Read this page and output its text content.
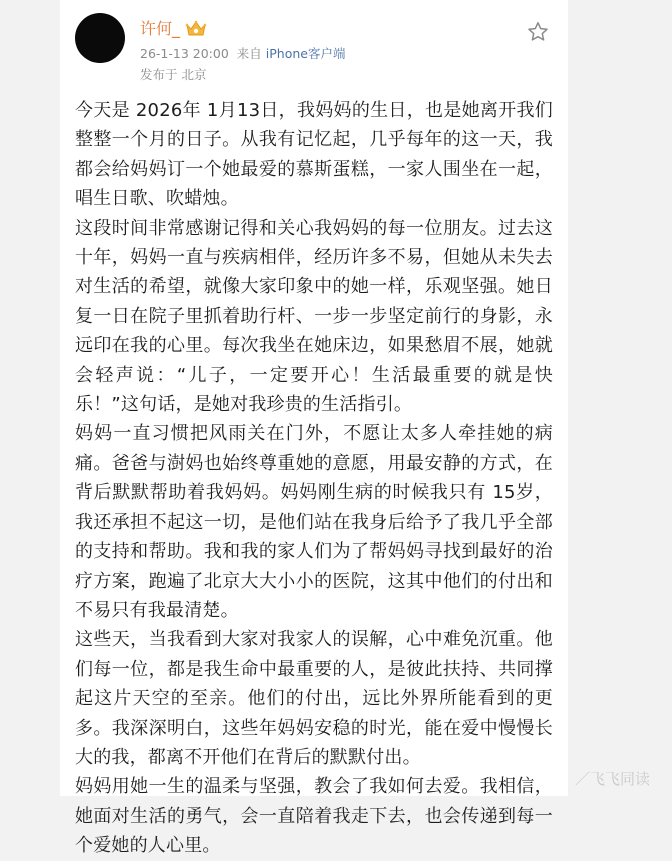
许何_
26-1-13 20:00 来自 iPhone客户端
发布于 北京

今天是 2026年 1月13日，我妈妈的生日，也是她离开我们整整一个月的日子。从我有记忆起，几乎每年的这一天，我都会给妈妈订一个她最爱的慕斯蛋糕，一家人围坐在一起，唱生日歌、吹蜡烛。

这段时间非常感谢记得和关心我妈妈的每一位朋友。过去这十年，妈妈一直与疾病相伴，经历许多不易，但她从未失去对生活的希望，就像大家印象中的她一样，乐观坚强。她日复一日在院子里抓着助行杆、一步一步坚定前行的身影，永远印在我的心里。每次我坐在她床边，如果愁眉不展，她就会轻声说：“儿子，一定要开心！生活最重要的就是快乐！”这句话，是她对我珍贵的生活指引。

妈妈一直习惯把风雨关在门外，不愿让太多人牵挂她的病痛。爸爸与澍妈也始终尊重她的意愿，用最安静的方式，在背后默默帮助着我妈妈。妈妈刚生病的时候我只有 15岁，我还承担不起这一切，是他们站在我身后给予了我几乎全部的支持和帮助。我和我的家人们为了帮妈妈寻找到最好的治疗方案，跑遍了北京大大小小的医院，这其中他们的付出和不易只有我最清楚。

这些天，当我看到大家对我家人的误解，心中难免沉重。他们每一位，都是我生命中最重要的人，是彼此扶持、共同撑起这片天空的至亲。他们的付出，远比外界所能看到的更多。我深深明白，这些年妈妈安稳的时光，能在爱中慢慢长大的我，都离不开他们在背后的默默付出。

妈妈用她一生的温柔与坚强，教会了我如何去爱。我相信，她面对生活的勇气，会一直陪着我走下去，也会传递到每一个爱她的人心里。

／飞飞同读
